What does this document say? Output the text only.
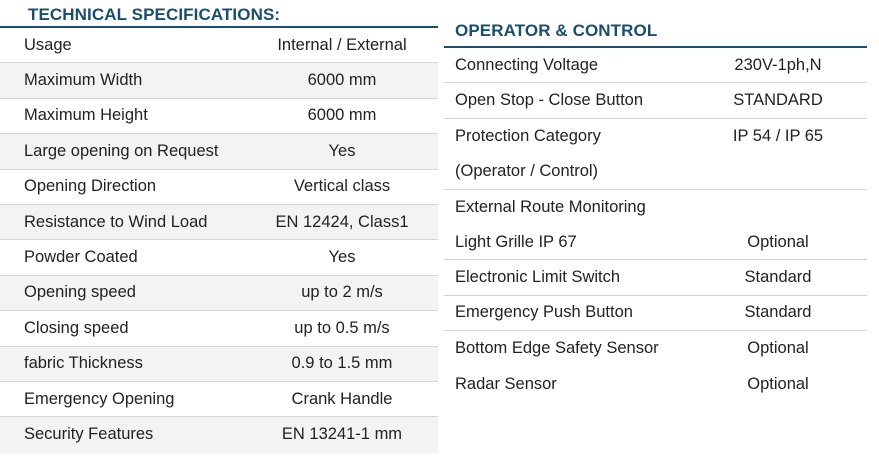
TECHNICAL SPECIFICATIONS:
Usage	Internal / External
Maximum Width	6000 mm
Maximum Height	6000 mm
Large opening on Request	Yes
Opening Direction	Vertical class
Resistance to Wind Load	EN 12424, Class1
Powder Coated	Yes
Opening speed	up to 2 m/s
Closing speed	up to 0.5 m/s
fabric Thickness	0.9 to 1.5 mm
Emergency Opening	Crank Handle
Security Features	EN 13241-1 mm
OPERATOR & CONTROL
Connecting Voltage	230V-1ph,N
Open Stop - Close Button	STANDARD
Protection Category	IP 54 / IP 65
(Operator / Control)
External Route Monitoring
Light Grille IP 67	Optional
Electronic Limit Switch	Standard
Emergency Push Button	Standard
Bottom Edge Safety Sensor	Optional
Radar Sensor	Optional
